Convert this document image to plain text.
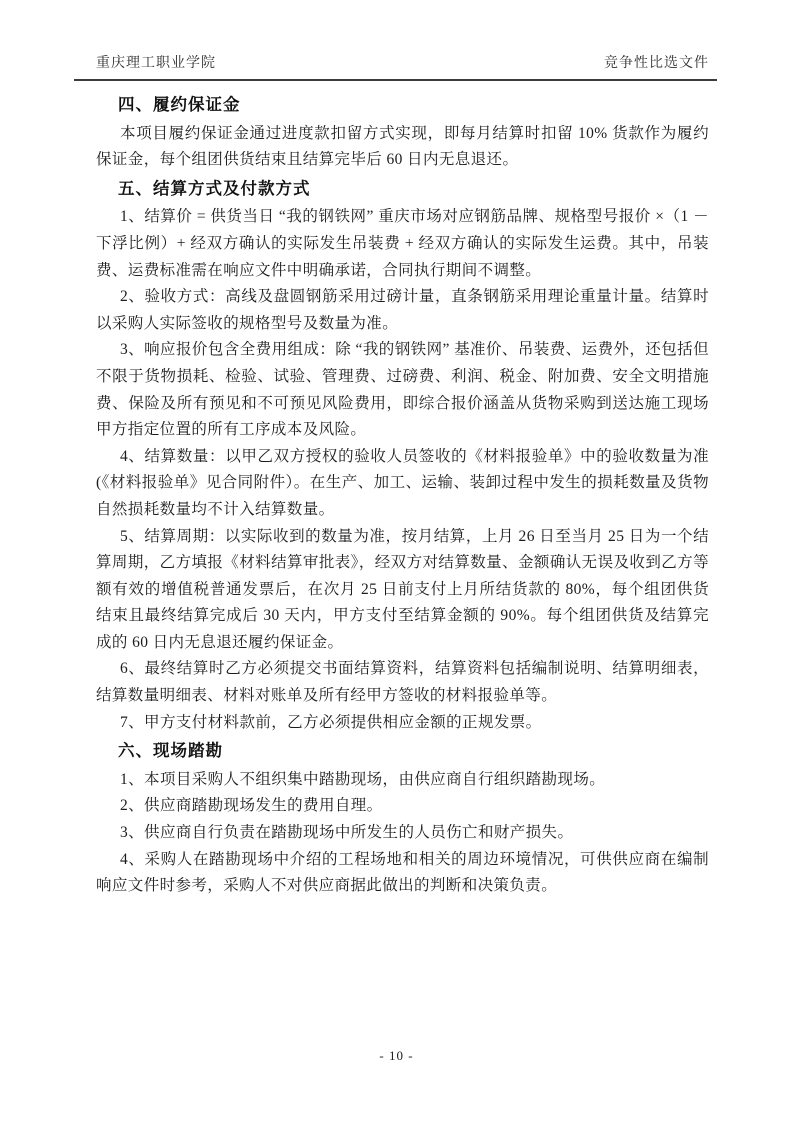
重庆理工职业学院	竞争性比选文件
四、履约保证金

本项目履约保证金通过进度款扣留方式实现，即每月结算时扣留 10% 货款作为履约保证金，每个组团供货结束且结算完毕后 60 日内无息退还。

五、结算方式及付款方式

1、结算价 = 供货当日 “我的钢铁网” 重庆市场对应钢筋品牌、规格型号报价 ×（1 － 下浮比例）+ 经双方确认的实际发生吊装费 + 经双方确认的实际发生运费。其中，吊装费、运费标准需在响应文件中明确承诺，合同执行期间不调整。

2、验收方式：高线及盘圆钢筋采用过磅计量，直条钢筋采用理论重量计量。结算时以采购人实际签收的规格型号及数量为准。

3、响应报价包含全费用组成：除 “我的钢铁网” 基准价、吊装费、运费外，还包括但不限于货物损耗、检验、试验、管理费、过磅费、利润、税金、附加费、安全文明措施费、保险及所有预见和不可预见风险费用，即综合报价涵盖从货物采购到送达施工现场甲方指定位置的所有工序成本及风险。

4、结算数量：以甲乙双方授权的验收人员签收的《材料报验单》中的验收数量为准(《材料报验单》见合同附件）。在生产、加工、运输、装卸过程中发生的损耗数量及货物自然损耗数量均不计入结算数量。

5、结算周期：以实际收到的数量为准，按月结算，上月 26 日至当月 25 日为一个结算周期，乙方填报《材料结算审批表》，经双方对结算数量、金额确认无误及收到乙方等额有效的增值税普通发票后，在次月 25 日前支付上月所结货款的 80%，每个组团供货结束且最终结算完成后 30 天内，甲方支付至结算金额的 90%。每个组团供货及结算完成的 60 日内无息退还履约保证金。

6、最终结算时乙方必须提交书面结算资料，结算资料包括编制说明、结算明细表，结算数量明细表、材料对账单及所有经甲方签收的材料报验单等。

7、甲方支付材料款前，乙方必须提供相应金额的正规发票。

六、现场踏勘

1、本项目采购人不组织集中踏勘现场，由供应商自行组织踏勘现场。

2、供应商踏勘现场发生的费用自理。

3、供应商自行负责在踏勘现场中所发生的人员伤亡和财产损失。

4、采购人在踏勘现场中介绍的工程场地和相关的周边环境情况，可供供应商在编制响应文件时参考，采购人不对供应商据此做出的判断和决策负责。

- 10 -
